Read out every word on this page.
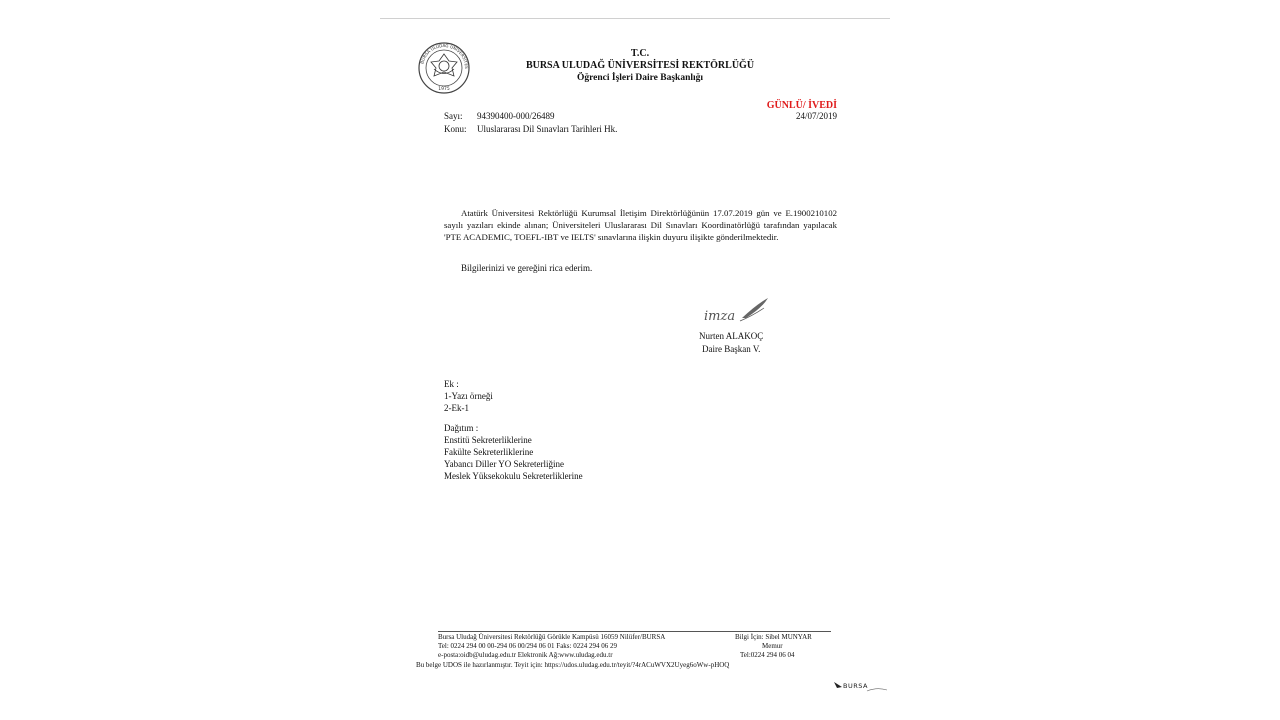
BURSA ULUDAĞ ÜNİVERSİTES
1975
T.C.
BURSA ULUDAĞ ÜNİVERSİTESİ REKTÖRLÜĞÜ
Öğrenci İşleri Daire Başkanlığı
GÜNLÜ/ İVEDİ
24/07/2019
Sayı: 94390400-000/26489
Konu: Uluslararası Dil Sınavları Tarihleri Hk.
Atatürk Üniversitesi Rektörlüğü Kurumsal İletişim Direktörlüğünün 17.07.2019 gün ve E.1900210102 sayılı yazıları ekinde alınan; Üniversiteleri Uluslararası Dil Sınavları Koordinatörlüğü tarafından yapılacak 'PTE ACADEMIC, TOEFL-IBT ve IELTS' sınavlarına ilişkin duyuru ilişikte gönderilmektedir.
Bilgilerinizi ve gereğini rica ederim.
imza
Nurten ALAKOÇ
Daire Başkan V.
Ek :
1-Yazı örneği
2-Ek-1
Dağıtım :
Enstitü Sekreterliklerine
Fakülte Sekreterliklerine
Yabancı Diller YO Sekreterliğine
Meslek Yüksekokulu Sekreterliklerine
Bursa Uludağ Üniversitesi Rektörlüğü Görükle Kampüsü 16059 Nilüfer/BURSA
Tel: 0224 294 00 00-294 06 00/294 06 01 Faks: 0224 294 06 29
e-posta:oidb@uludag.edu.tr Elektronik Ağ:www.uludag.edu.tr
Bilgi İçin: Sibel MUNYAR
Memur
Tel:0224 294 06 04
Bu belge UDOS ile hazırlanmıştır. Teyit için: https://udos.uludag.edu.tr/teyit/?4rACuWVX2Uyeg6oWw-pHOQ
BURSA
